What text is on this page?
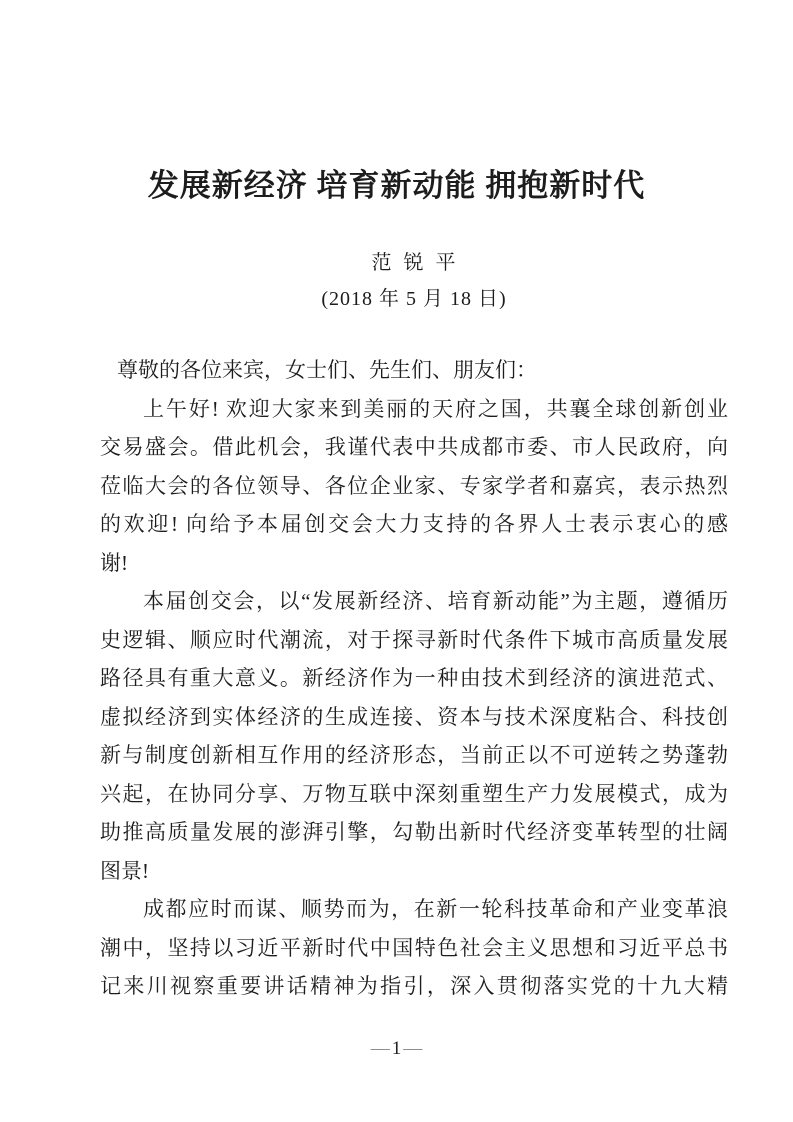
发展新经济 培育新动能 拥抱新时代
范 锐 平
(2018 年 5 月 18 日)
尊敬的各位来宾，女士们、先生们、朋友们：
上午好! 欢迎大家来到美丽的天府之国，共襄全球创新创业
交易盛会。借此机会，我谨代表中共成都市委、市人民政府，向
莅临大会的各位领导、各位企业家、专家学者和嘉宾，表示热烈
的欢迎! 向给予本届创交会大力支持的各界人士表示衷心的感
谢!
本届创交会，以“发展新经济、培育新动能”为主题，遵循历
史逻辑、顺应时代潮流，对于探寻新时代条件下城市高质量发展
路径具有重大意义。新经济作为一种由技术到经济的演进范式、
虚拟经济到实体经济的生成连接、资本与技术深度粘合、科技创
新与制度创新相互作用的经济形态，当前正以不可逆转之势蓬勃
兴起，在协同分享、万物互联中深刻重塑生产力发展模式，成为
助推高质量发展的澎湃引擎，勾勒出新时代经济变革转型的壮阔
图景!
成都应时而谋、顺势而为，在新一轮科技革命和产业变革浪
潮中，坚持以习近平新时代中国特色社会主义思想和习近平总书
记来川视察重要讲话精神为指引，深入贯彻落实党的十九大精
— 1 —
